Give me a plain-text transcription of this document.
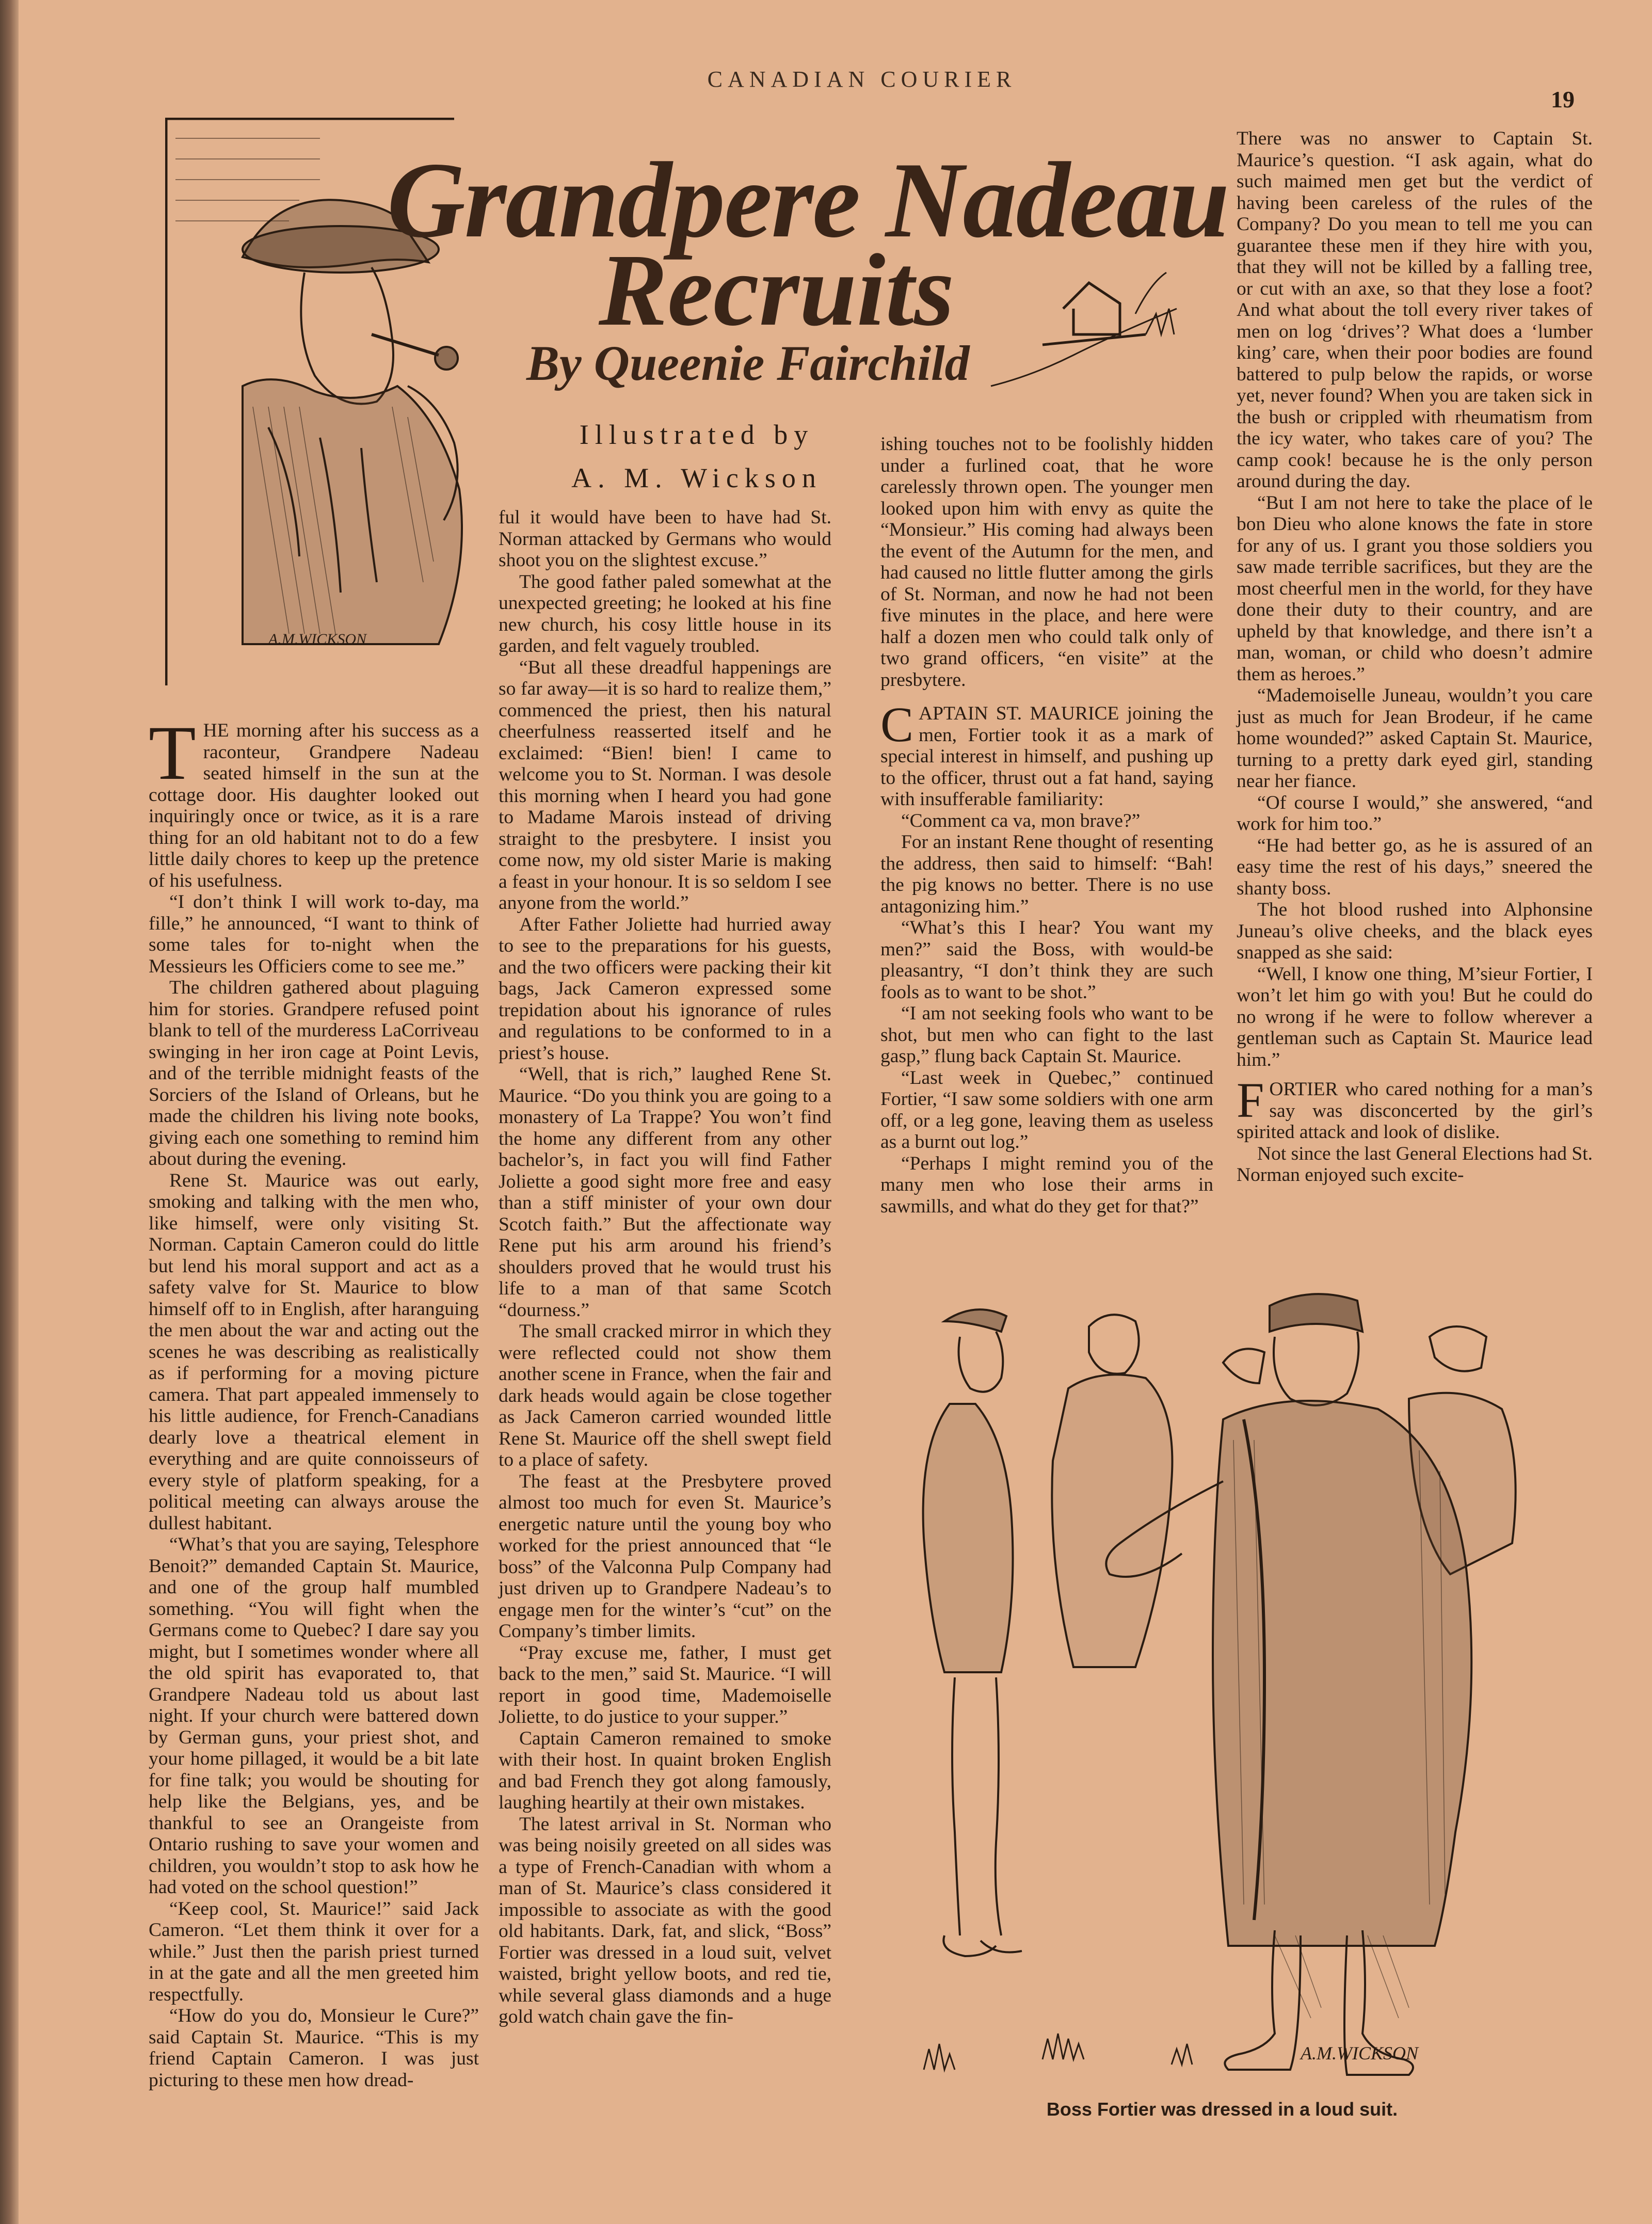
CANADIAN COURIER
19
A.M.WICKSON
Grandpere Nadeau
Recruits
By Queenie Fairchild
Illustrated by
A. M. Wickson

THE morning after his success as a raconteur, Grandpere Nadeau seated himself in the sun at the cottage door. His daughter looked out inquiringly once or twice, as it is a rare thing for an old habitant not to do a few little daily chores to keep up the pretence of his usefulness.

“I don’t think I will work to-day, ma fille,” he announced, “I want to think of some tales for to-night when the Messieurs les Officiers come to see me.”

The children gathered about plaguing him for stories. Grandpere refused point blank to tell of the murderess LaCorriveau swinging in her iron cage at Point Levis, and of the terrible midnight feasts of the Sorciers of the Island of Orleans, but he made the children his living note books, giving each one something to remind him about during the evening.

Rene St. Maurice was out early, smoking and talking with the men who, like himself, were only visiting St. Norman. Captain Cameron could do little but lend his moral support and act as a safety valve for St. Maurice to blow himself off to in English, after haranguing the men about the war and acting out the scenes he was describing as realistically as if performing for a moving picture camera. That part appealed immensely to his little audience, for French-Canadians dearly love a theatrical element in everything and are quite connoisseurs of every style of platform speaking, for a political meeting can always arouse the dullest habitant.

“What’s that you are saying, Telesphore Benoit?” demanded Captain St. Maurice, and one of the group half mumbled something. “You will fight when the Germans come to Quebec? I dare say you might, but I sometimes wonder where all the old spirit has evaporated to, that Grandpere Nadeau told us about last night. If your church were battered down by German guns, your priest shot, and your home pillaged, it would be a bit late for fine talk; you would be shouting for help like the Belgians, yes, and be thankful to see an Orangeiste from Ontario rushing to save your women and children, you wouldn’t stop to ask how he had voted on the school question!”

“Keep cool, St. Maurice!” said Jack Cameron. “Let them think it over for a while.” Just then the parish priest turned in at the gate and all the men greeted him respectfully.

“How do you do, Monsieur le Cure?” said Captain St. Maurice. “This is my friend Captain Cameron. I was just picturing to these men how dread-

ful it would have been to have had St. Norman attacked by Germans who would shoot you on the slightest excuse.”

The good father paled somewhat at the unexpected greeting; he looked at his fine new church, his cosy little house in its garden, and felt vaguely troubled.

“But all these dreadful happenings are so far away—it is so hard to realize them,” commenced the priest, then his natural cheerfulness reasserted itself and he exclaimed: “Bien! bien! I came to welcome you to St. Norman. I was desole this morning when I heard you had gone to Madame Marois instead of driving straight to the presbytere. I insist you come now, my old sister Marie is making a feast in your honour. It is so seldom I see anyone from the world.”

After Father Joliette had hurried away to see to the preparations for his guests, and the two officers were packing their kit bags, Jack Cameron expressed some trepidation about his ignorance of rules and regulations to be conformed to in a priest’s house.

“Well, that is rich,” laughed Rene St. Maurice. “Do you think you are going to a monastery of La Trappe? You won’t find the home any different from any other bachelor’s, in fact you will find Father Joliette a good sight more free and easy than a stiff minister of your own dour Scotch faith.” But the affectionate way Rene put his arm around his friend’s shoulders proved that he would trust his life to a man of that same Scotch “dourness.”

The small cracked mirror in which they were reflected could not show them another scene in France, when the fair and dark heads would again be close together as Jack Cameron carried wounded little Rene St. Maurice off the shell swept field to a place of safety.

The feast at the Presbytere proved almost too much for even St. Maurice’s energetic nature until the young boy who worked for the priest announced that “le boss” of the Valconna Pulp Company had just driven up to Grandpere Nadeau’s to engage men for the winter’s “cut” on the Company’s timber limits.

“Pray excuse me, father, I must get back to the men,” said St. Maurice. “I will report in good time, Mademoiselle Joliette, to do justice to your supper.”

Captain Cameron remained to smoke with their host. In quaint broken English and bad French they got along famously, laughing heartily at their own mistakes.

The latest arrival in St. Norman who was being noisily greeted on all sides was a type of French-Canadian with whom a man of St. Maurice’s class considered it impossible to associate as with the good old habitants. Dark, fat, and slick, “Boss” Fortier was dressed in a loud suit, velvet waisted, bright yellow boots, and red tie, while several glass diamonds and a huge gold watch chain gave the fin-

ishing touches not to be foolishly hidden under a furlined coat, that he wore carelessly thrown open. The younger men looked upon him with envy as quite the “Monsieur.” His coming had always been the event of the Autumn for the men, and had caused no little flutter among the girls of St. Norman, and now he had not been five minutes in the place, and here were half a dozen men who could talk only of two grand officers, “en visite” at the presbytere.

CAPTAIN ST. MAURICE joining the men, Fortier took it as a mark of special interest in himself, and pushing up to the officer, thrust out a fat hand, saying with insufferable familiarity:

“Comment ca va, mon brave?”

For an instant Rene thought of resenting the address, then said to himself: “Bah! the pig knows no better. There is no use antagonizing him.”

“What’s this I hear? You want my men?” said the Boss, with would-be pleasantry, “I don’t think they are such fools as to want to be shot.”

“I am not seeking fools who want to be shot, but men who can fight to the last gasp,” flung back Captain St. Maurice.

“Last week in Quebec,” continued Fortier, “I saw some soldiers with one arm off, or a leg gone, leaving them as useless as a burnt out log.”

“Perhaps I might remind you of the many men who lose their arms in sawmills, and what do they get for that?”

There was no answer to Captain St. Maurice’s question. “I ask again, what do such maimed men get but the verdict of having been careless of the rules of the Company? Do you mean to tell me you can guarantee these men if they hire with you, that they will not be killed by a falling tree, or cut with an axe, so that they lose a foot? And what about the toll every river takes of men on log ‘drives’? What does a ‘lumber king’ care, when their poor bodies are found battered to pulp below the rapids, or worse yet, never found? When you are taken sick in the bush or crippled with rheumatism from the icy water, who takes care of you? The camp cook! because he is the only person around during the day.

“But I am not here to take the place of le bon Dieu who alone knows the fate in store for any of us. I grant you those soldiers you saw made terrible sacrifices, but they are the most cheerful men in the world, for they have done their duty to their country, and are upheld by that knowledge, and there isn’t a man, woman, or child who doesn’t admire them as heroes.”

“Mademoiselle Juneau, wouldn’t you care just as much for Jean Brodeur, if he came home wounded?” asked Captain St. Maurice, turning to a pretty dark eyed girl, standing near her fiance.

“Of course I would,” she answered, “and work for him too.”

“He had better go, as he is assured of an easy time the rest of his days,” sneered the shanty boss.

The hot blood rushed into Alphonsine Juneau’s olive cheeks, and the black eyes snapped as she said:

“Well, I know one thing, M’sieur Fortier, I won’t let him go with you! But he could do no wrong if he were to follow wherever a gentleman such as Captain St. Maurice lead him.”

FORTIER who cared nothing for a man’s say was disconcerted by the girl’s spirited attack and look of dislike.

Not since the last General Elections had St. Norman enjoyed such excite-

A.M.WICKSON
Boss Fortier was dressed in a loud suit.
